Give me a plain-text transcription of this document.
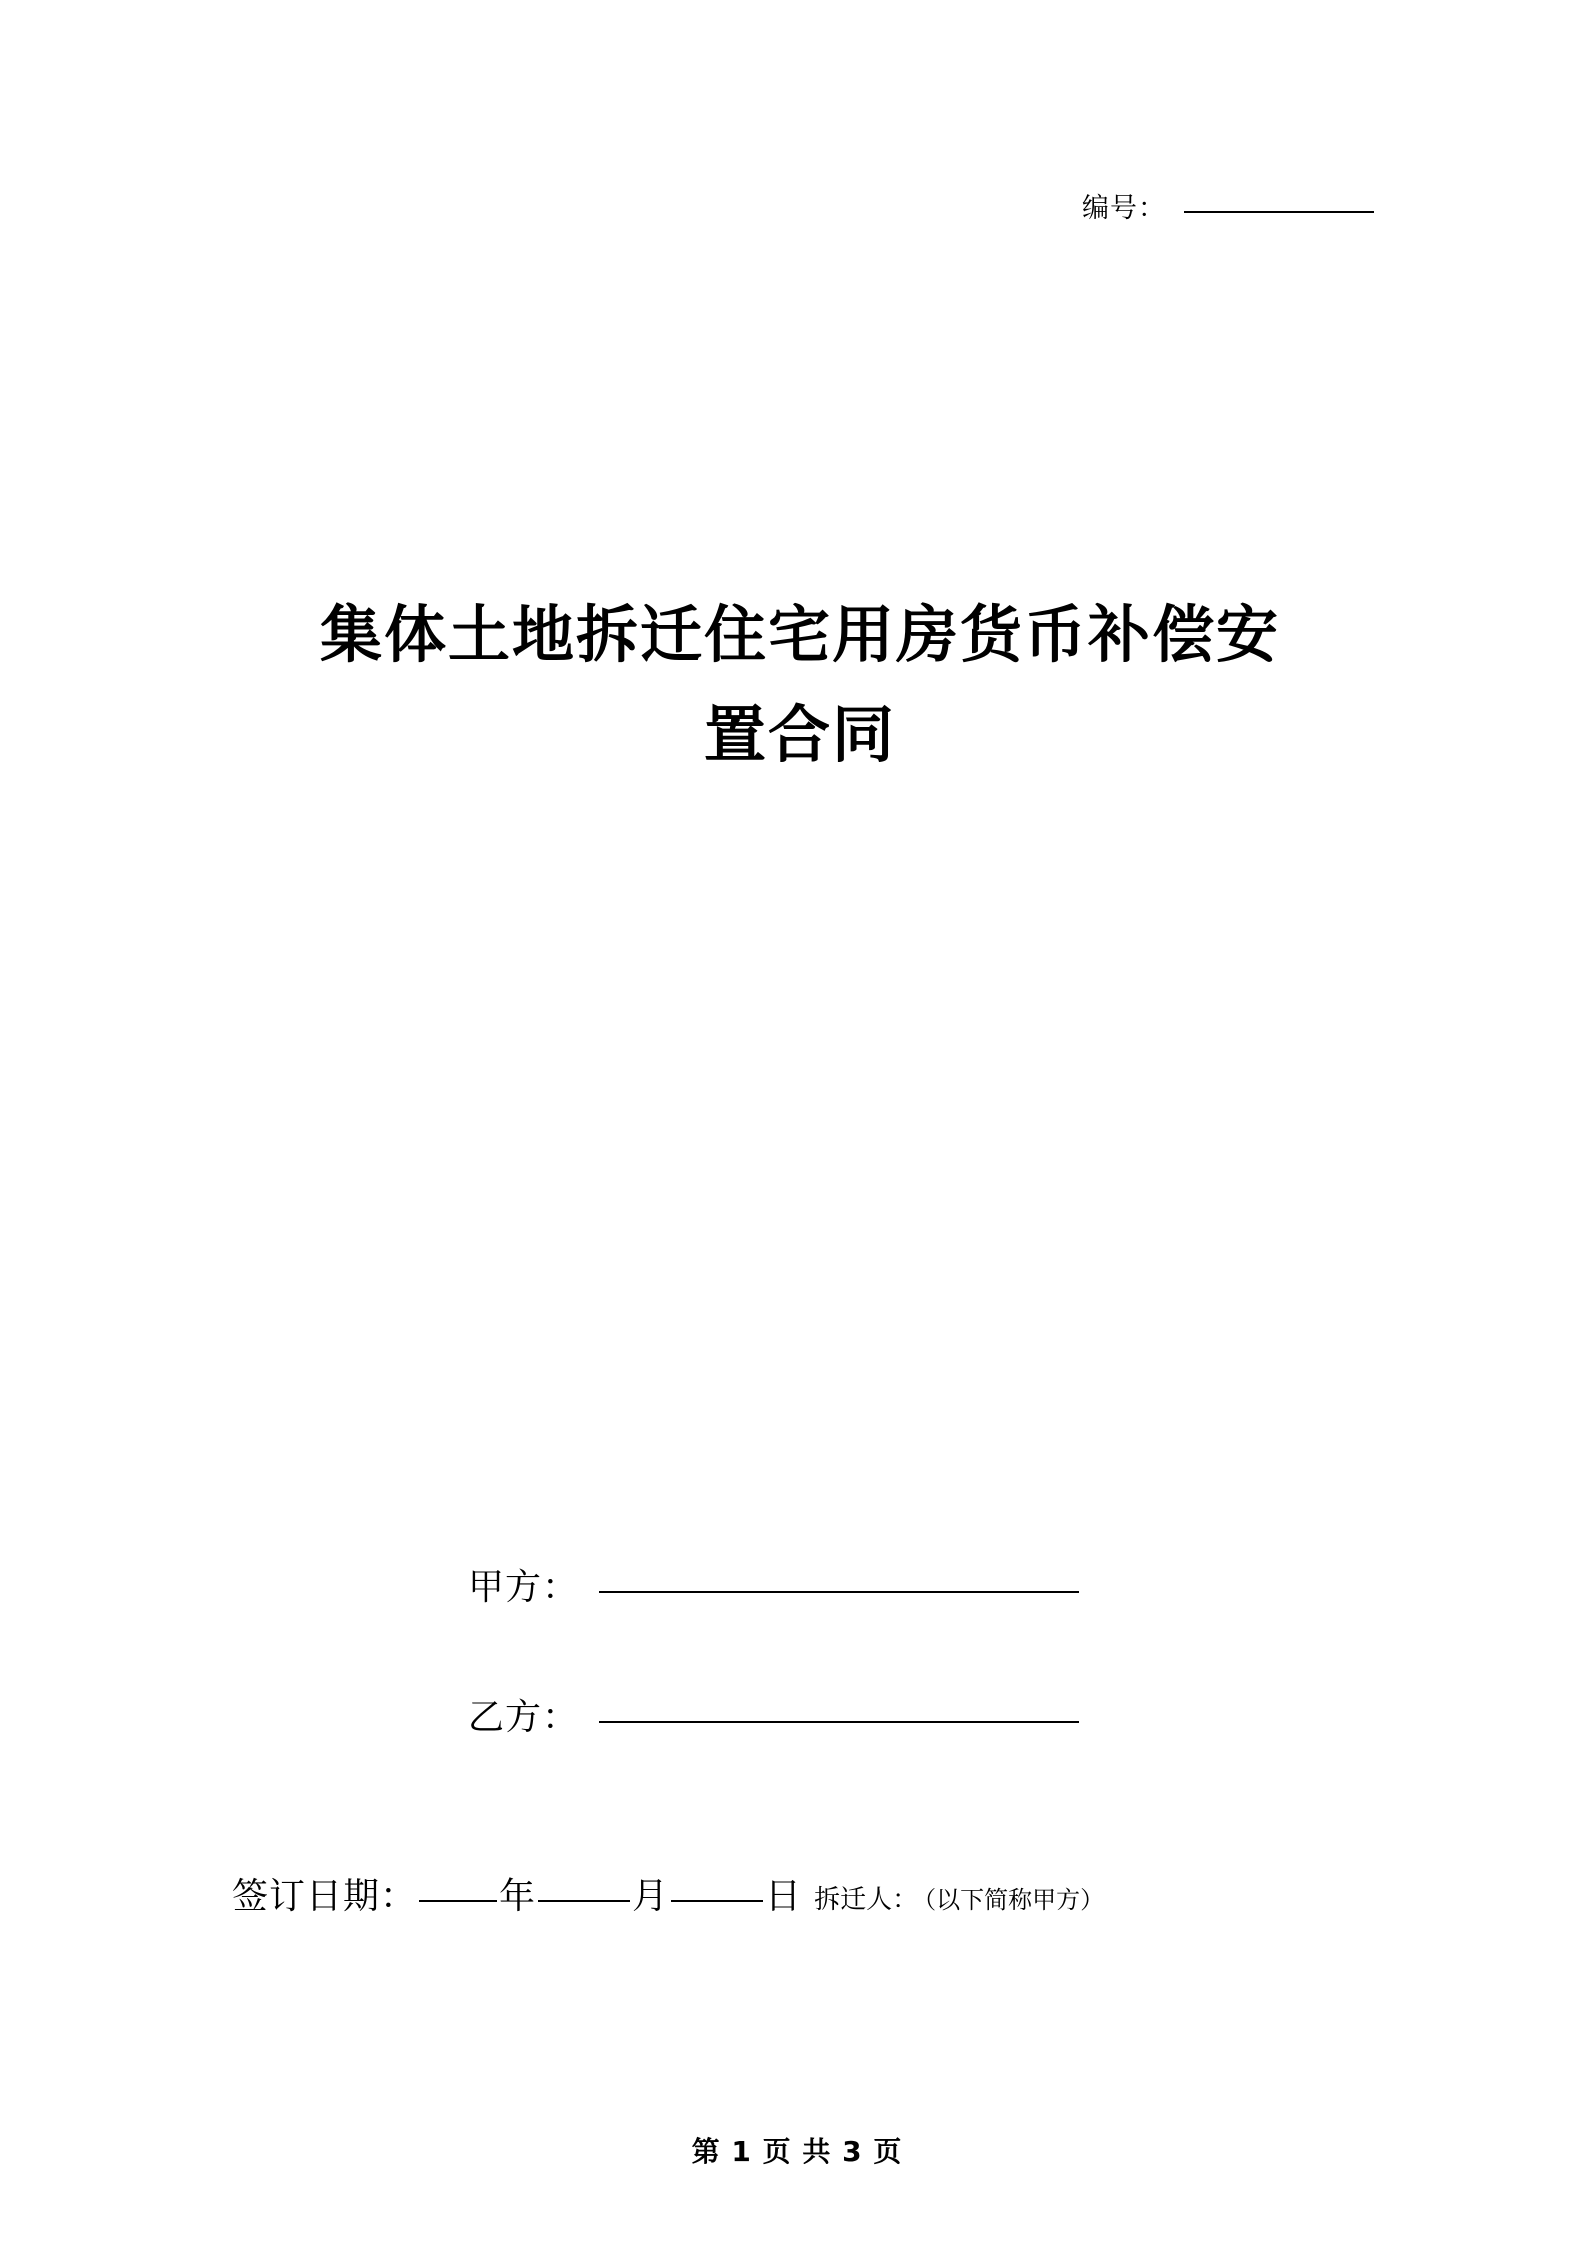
编号：
集体土地拆迁住宅用房货币补偿安
置合同
甲方：
乙方：
签订日期： 年	月	日 拆迁人： （以下简称甲方）
第 1 页 共 3 页
